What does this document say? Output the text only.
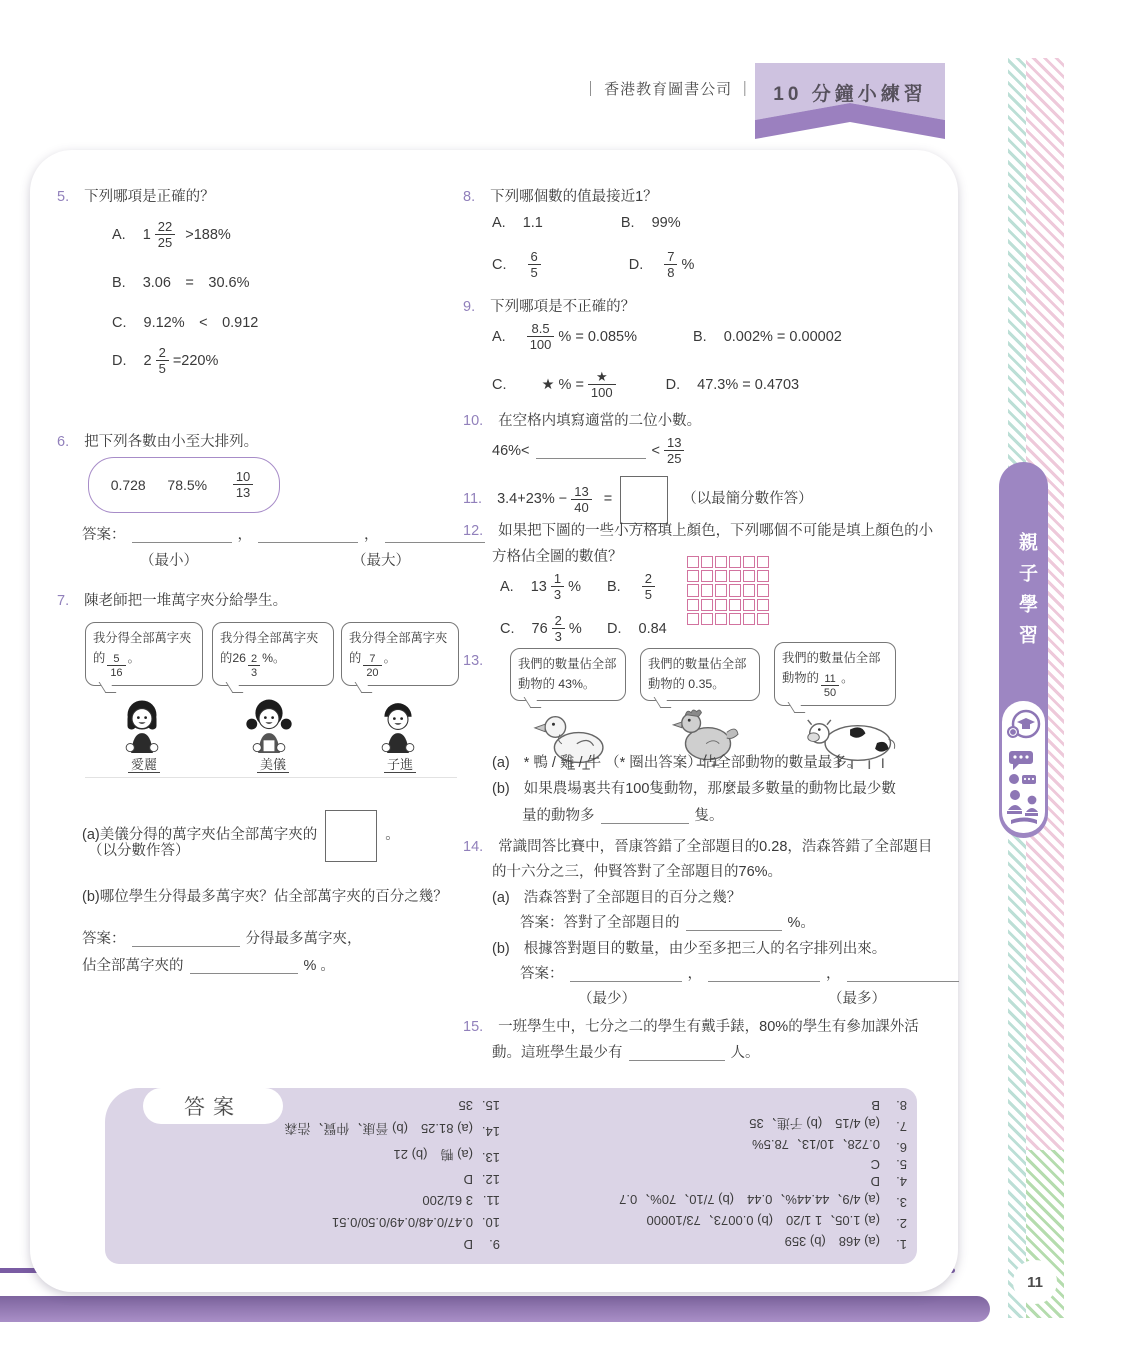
｜ 香港教育圖書公司 ｜	10 分鐘小練習
親子學習
11
5. 下列哪項是正確的？
A. $1 \frac{22}{25} >188\%$
B. 3.06　=　30.6%
C. 9.12%　<　0.912
D. $2 \frac{2}{5} =220\%$
6. 把下列各數由小至大排列。
0.728 $78.5\% \frac{10}{13}$
答案：	，	，
（最小）	（最大）
7. 陳老師把一堆萬字夾分給學生。
我分得全部萬字夾的 $\frac{5}{16}$ 。
愛麗
我分得全部萬字夾的$26 \frac{2}{3}$ %。
美儀
我分得全部萬字夾的 $\frac{7}{20}$ 。
子進
(a)美儀分得的萬字夾佔全部萬字夾的	。
（以分數作答）
(b)哪位學生分得最多萬字夾？佔全部萬字夾的百分之幾？
答案：	分得最多萬字夾，
佔全部萬字夾的	% 。
8. 下列哪個數的值最接近1？
A. 1.1	B. 99%
C. $\frac{6}{5}$	D. $\frac{7}{8}$ %
9. 下列哪項是不正確的？
A. $\frac{8.5}{100}$ % = 0.085%	B. 0.002% = 0.00002
C. ★ % = $\frac{★}{100}$	D. 47.3% = 0.4703
10. 在空格内填寫適當的二位小數。
46%<	< $\frac{13}{25}$
11. $3.4+23\% - \frac{13}{40}$ =	（以最簡分數作答）
12. 如果把下圖的一些小方格填上顏色，下列哪個不可能是填上顏色的小
方格佔全圖的數值？
A. $13 \frac{1}{3}$ % B. $\frac{2}{5}$
C. $76 \frac{2}{3}$ % D. 0.84
13.	我們的數量佔全部動物的 43%。
我們的數量佔全部動物的 0.35。
我們的數量佔全部動物的 $\frac{11}{50}$ 。
(a) * 鴨 / 雞 / 牛 （* 圈出答案）佔全部動物的數量最多。
(b) 如果農場裏共有100隻動物，那麼最多數量的動物比最少數
量的動物多	隻。
14. 常識問答比賽中，晉康答錯了全部題目的0.28，浩森答錯了全部題目
的十六分之三，仲賢答對了全部題目的76%。
(a) 浩森答對了全部題目的百分之幾？
答案：答對了全部題目的	%。
(b) 根據答對題目的數量，由少至多把三人的名字排列出來。
答案：	，	，
（最少）	（最多）
15. 一班學生中，七分之二的學生有戴手錶，80%的學生有參加課外活
動。這班學生最少有	人。
答案
1.
(a) 468　(b) 359
2.
(a) 1.05、1 1/20　(b) 0.0073、73/10000
3.
(a) 4/9、44.44%、0.44　(b) 7/10、70%、0.7
4.
D
5.
C
6.
0.728、10/13、78.5%
7.
(a) 4/15　(b) 子進、35
8.
B
9.
D
10.
0.47/0.48/0.49/0.50/0.51
11.
3 61/200
12.
D
13.
(a) 鴨　(b) 21
14.
(a) 81.25　(b) 晉康、仲賢、浩森
15.
35
